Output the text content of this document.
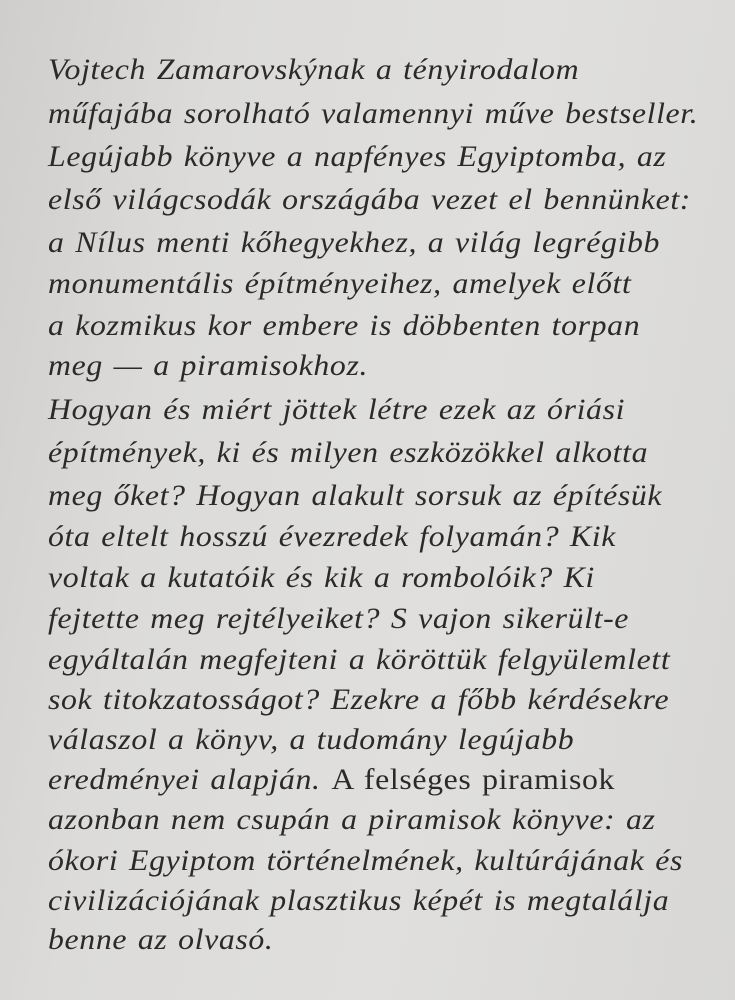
Vojtech Zamarovskýnak a tényirodalom
műfajába sorolható valamennyi műve bestseller.
Legújabb könyve a napfényes Egyiptomba, az
első világcsodák országába vezet el bennünket:
a Nílus menti kőhegyekhez, a világ legrégibb
monumentális építményeihez, amelyek előtt
a kozmikus kor embere is döbbenten torpan
meg — a piramisokhoz.
Hogyan és miért jöttek létre ezek az óriási
építmények, ki és milyen eszközökkel alkotta
meg őket? Hogyan alakult sorsuk az építésük
óta eltelt hosszú évezredek folyamán? Kik
voltak a kutatóik és kik a rombolóik? Ki
fejtette meg rejtélyeiket? S vajon sikerült-e
egyáltalán megfejteni a köröttük felgyülemlett
sok titokzatosságot? Ezekre a főbb kérdésekre
válaszol a könyv, a tudomány legújabb
eredményei alapján. A felséges piramisok
azonban nem csupán a piramisok könyve: az
ókori Egyiptom történelmének, kultúrájának és
civilizációjának plasztikus képét is megtalálja
benne az olvasó.
